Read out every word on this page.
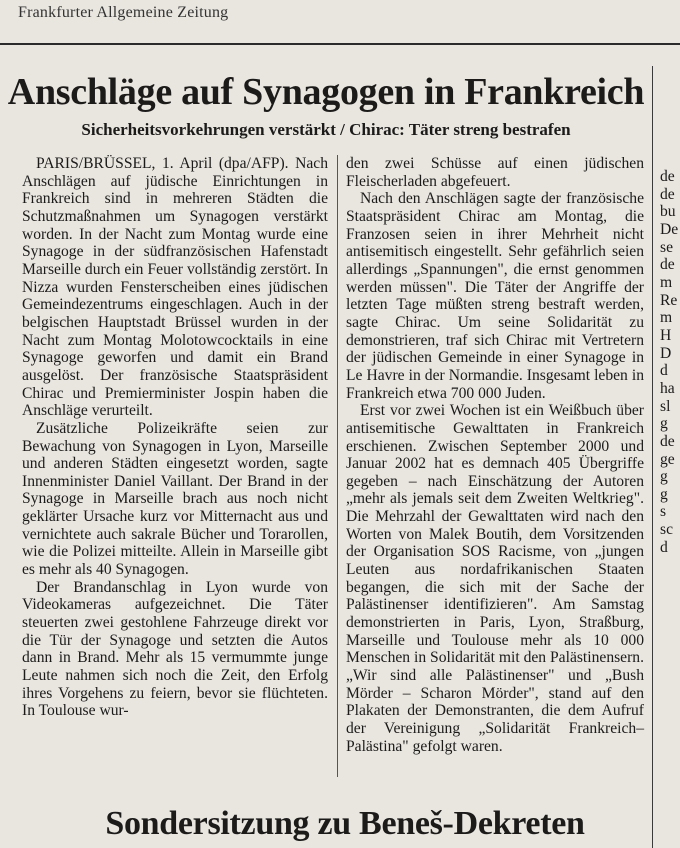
Frankfurter Allgemeine Zeitung
Anschläge auf Synagogen in Frankreich
Sicherheitsvorkehrungen verstärkt / Chirac: Täter streng bestrafen

PARIS/BRÜSSEL, 1. April (dpa/AFP). Nach Anschlägen auf jüdische Einrichtungen in Frankreich sind in mehreren Städten die Schutzmaßnahmen um Synagogen verstärkt worden. In der Nacht zum Montag wurde eine Synagoge in der südfranzösischen Hafenstadt Marseille durch ein Feuer vollständig zerstört. In Nizza wurden Fensterscheiben eines jüdischen Gemeindezentrums eingeschlagen. Auch in der belgischen Hauptstadt Brüssel wurden in der Nacht zum Montag Molotowcocktails in eine Synagoge geworfen und damit ein Brand ausgelöst. Der französische Staatspräsident Chirac und Premierminister Jospin haben die Anschläge verurteilt.

Zusätzliche Polizeikräfte seien zur Bewachung von Synagogen in Lyon, Marseille und anderen Städten eingesetzt worden, sagte Innenminister Daniel Vaillant. Der Brand in der Synagoge in Marseille brach aus noch nicht geklärter Ursache kurz vor Mitternacht aus und vernichtete auch sakrale Bücher und Torarollen, wie die Polizei mitteilte. Allein in Marseille gibt es mehr als 40 Synagogen.

Der Brandanschlag in Lyon wurde von Videokameras aufgezeichnet. Die Täter steuerten zwei gestohlene Fahrzeuge direkt vor die Tür der Synagoge und setzten die Autos dann in Brand. Mehr als 15 vermummte junge Leute nahmen sich noch die Zeit, den Erfolg ihres Vorgehens zu feiern, bevor sie flüchteten. In Toulouse wur-

den zwei Schüsse auf einen jüdischen Fleischerladen abgefeuert.

Nach den Anschlägen sagte der französische Staatspräsident Chirac am Montag, die Franzosen seien in ihrer Mehrheit nicht antisemitisch eingestellt. Sehr gefährlich seien allerdings „Spannungen", die ernst genommen werden müssen". Die Täter der Angriffe der letzten Tage müßten streng bestraft werden, sagte Chirac. Um seine Solidarität zu demonstrieren, traf sich Chirac mit Vertretern der jüdischen Gemeinde in einer Synagoge in Le Havre in der Normandie. Insgesamt leben in Frankreich etwa 700 000 Juden.

Erst vor zwei Wochen ist ein Weißbuch über antisemitische Gewalttaten in Frankreich erschienen. Zwischen September 2000 und Januar 2002 hat es demnach 405 Übergriffe gegeben – nach Einschätzung der Autoren „mehr als jemals seit dem Zweiten Weltkrieg". Die Mehrzahl der Gewalttaten wird nach den Worten von Malek Boutih, dem Vorsitzenden der Organisation SOS Racisme, von „jungen Leuten aus nordafrikanischen Staaten begangen, die sich mit der Sache der Palästinenser identifizieren". Am Samstag demonstrierten in Paris, Lyon, Straßburg, Marseille und Toulouse mehr als 10 000 Menschen in Solidarität mit den Palästinensern. „Wir sind alle Palästinenser" und „Bush Mörder – Scharon Mörder", stand auf den Plakaten der Demonstranten, die dem Aufruf der Vereinigung „Solidarität Frankreich–Palästina" gefolgt waren.

de
de
bu
De
se
de
m
Re
m
H
D
d
ha
sl
g
de
ge
g
g
s
sc
d
Sondersitzung zu Beneš-Dekreten
